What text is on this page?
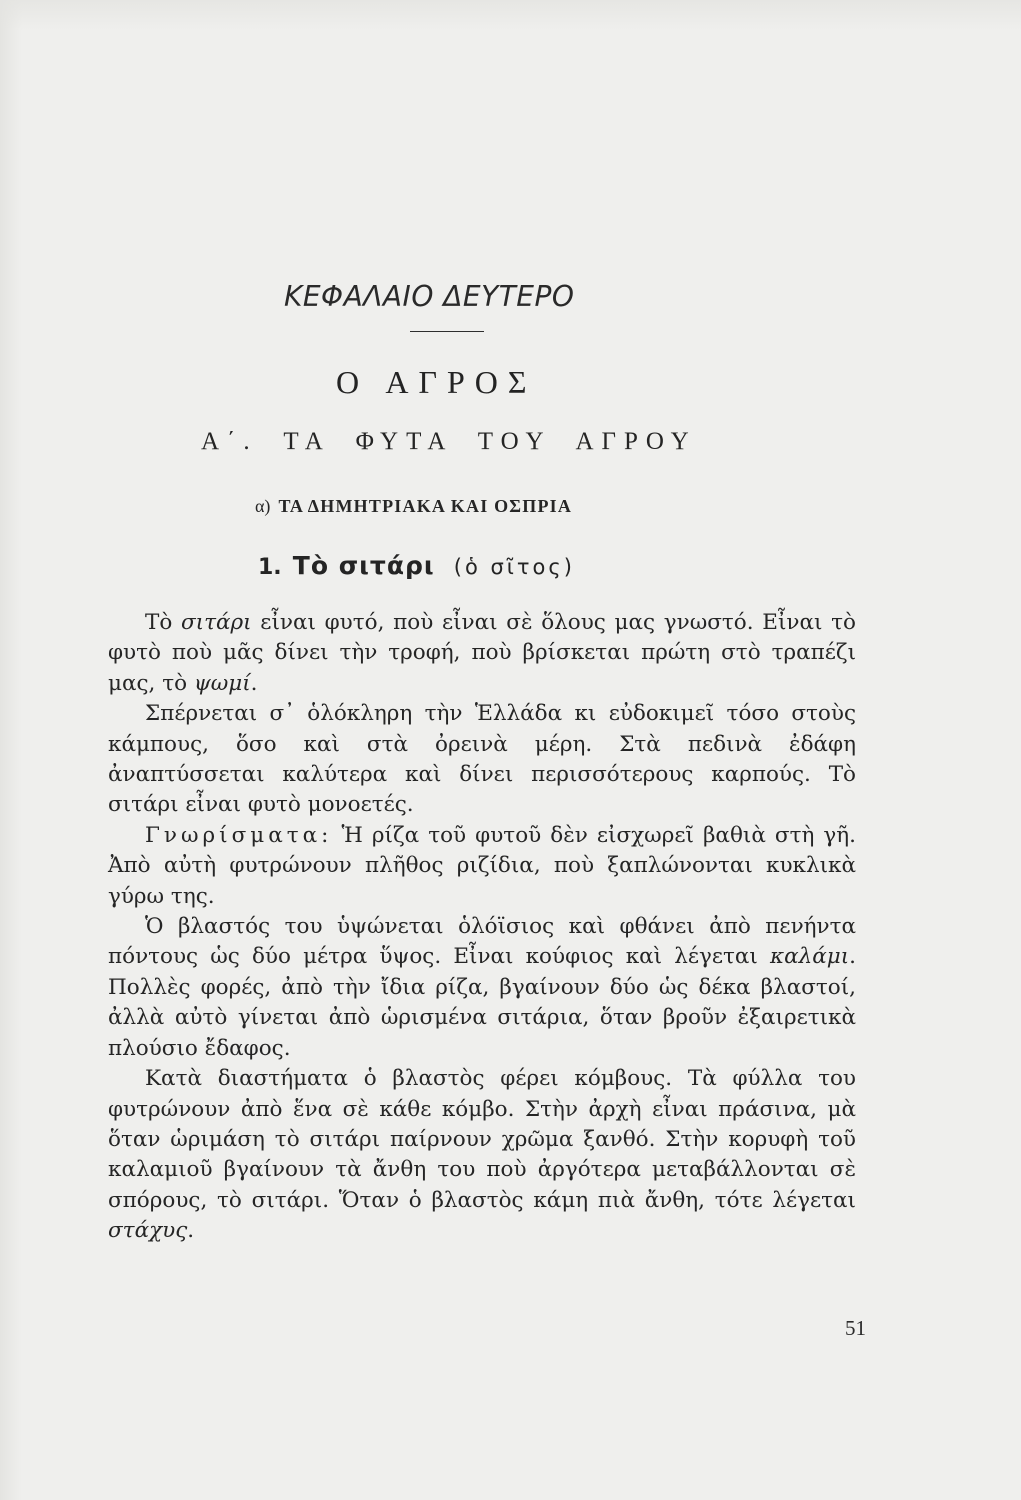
ΚΕΦΑΛΑΙΟ ΔΕΥΤΕΡΟ
Ο ΑΓΡΟΣ
Α΄. ΤΑ ΦΥΤΑ ΤΟΥ ΑΓΡΟΥ
α) ΤΑ ΔΗΜΗΤΡΙΑΚΑ ΚΑΙ ΟΣΠΡΙΑ
1. Τὸ σιτάρι (ὁ σῖτος)

Τὸ σιτάρι εἶναι φυτό, ποὺ εἶναι σὲ ὅλους μας γνωστό. Εἶναι τὸ φυτὸ ποὺ μᾶς δίνει τὴν τροφή, ποὺ βρίσκεται πρώτη στὸ τραπέζι μας, τὸ ψωμί.

Σπέρνεται σ᾽ ὁλόκληρη τὴν Ἑλλάδα κι εὐδοκιμεῖ τόσο στοὺς κάμπους, ὅσο καὶ στὰ ὀρεινὰ μέρη. Στὰ πεδινὰ ἐδάφη ἀναπτύσσεται καλύτερα καὶ δίνει περισσότερους καρπούς. Τὸ σιτάρι εἶναι φυτὸ μονοετές.

Γνωρίσματα: Ἡ ρίζα τοῦ φυτοῦ δὲν εἰσχωρεῖ βαθιὰ στὴ γῆ. Ἀπὸ αὐτὴ φυτρώνουν πλῆθος ριζίδια, ποὺ ξαπλώνονται κυκλικὰ γύρω της.

Ὁ βλαστός του ὑψώνεται ὁλόϊσιος καὶ φθάνει ἀπὸ πενήντα πόντους ὡς δύο μέτρα ὕψος. Εἶναι κούφιος καὶ λέγεται καλάμι. Πολλὲς φορές, ἀπὸ τὴν ἴδια ρίζα, βγαίνουν δύο ὡς δέκα βλαστοί, ἀλλὰ αὐτὸ γίνεται ἀπὸ ὡρισμένα σιτάρια, ὅταν βροῦν ἐξαιρετικὰ πλούσιο ἔδαφος.

Κατὰ διαστήματα ὁ βλαστὸς φέρει κόμβους. Τὰ φύλλα του φυτρώνουν ἀπὸ ἕνα σὲ κάθε κόμβο. Στὴν ἀρχὴ εἶναι πράσινα, μὰ ὅταν ὡριμάση τὸ σιτάρι παίρνουν χρῶμα ξανθό. Στὴν κορυφὴ τοῦ καλαμιοῦ βγαίνουν τὰ ἄνθη του ποὺ ἀργότερα μεταβάλλονται σὲ σπόρους, τὸ σιτάρι. Ὅταν ὁ βλαστὸς κάμη πιὰ ἄνθη, τότε λέγεται στάχυς.

51
